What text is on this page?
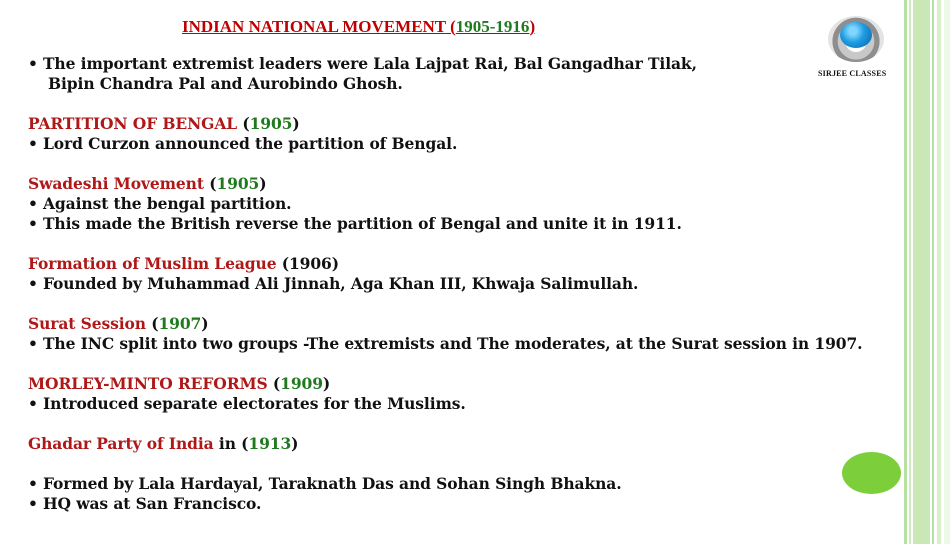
INDIAN NATIONAL MOVEMENT (1905-1916)
SIRJEE CLASSES
• The important extremist leaders were Lala Lajpat Rai, Bal Gangadhar Tilak,
Bipin Chandra Pal and Aurobindo Ghosh.
PARTITION OF BENGAL (1905)
• Lord Curzon announced the partition of Bengal.
Swadeshi Movement (1905)
• Against the bengal partition.
• This made the British reverse the partition of Bengal and unite it in 1911.
Formation of Muslim League (1906)
• Founded by Muhammad Ali Jinnah, Aga Khan III, Khwaja Salimullah.
Surat Session (1907)
• The INC split into two groups -The extremists and The moderates, at the Surat session in 1907.
MORLEY-MINTO REFORMS (1909)
• Introduced separate electorates for the Muslims.
Ghadar Party of India in (1913)
• Formed by Lala Hardayal, Taraknath Das and Sohan Singh Bhakna.
• HQ was at San Francisco.
